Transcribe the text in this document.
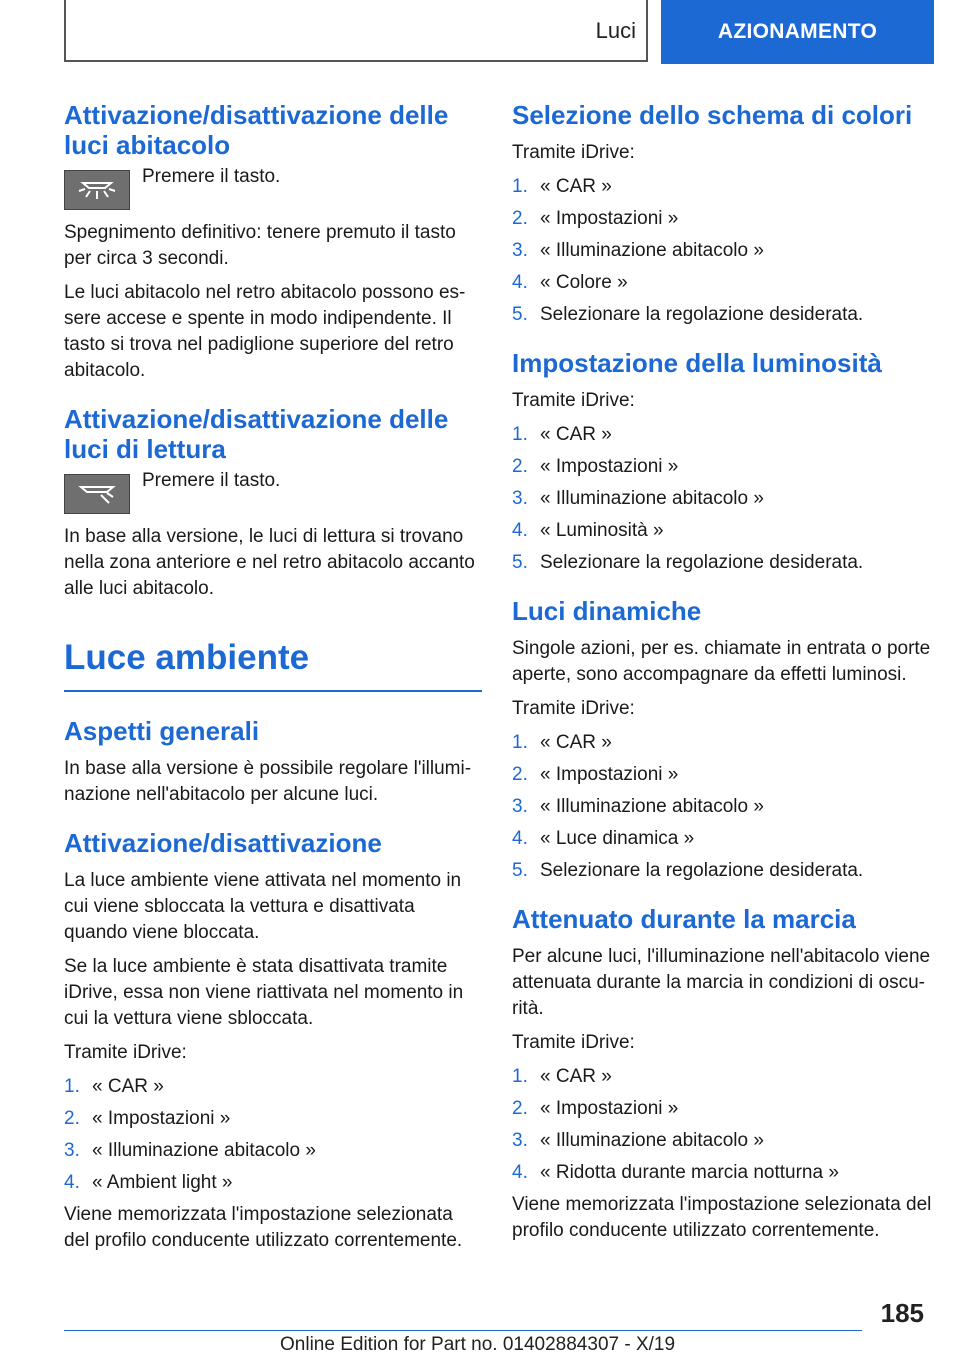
Luci	AZIONAMENTO
Attivazione/disattivazione delle luci abitacolo
Premere il tasto.

Spegnimento definitivo: tenere premuto il tasto per circa 3 secondi.

Le luci abitacolo nel retro abitacolo possono essere accese e spente in modo indipendente. Il tasto si trova nel padiglione superiore del retro abitacolo.

Attivazione/disattivazione delle luci di lettura
Premere il tasto.

In base alla versione, le luci di lettura si trovano nella zona anteriore e nel retro abitacolo accanto alle luci abitacolo.

Luce ambiente
Aspetti generali

In base alla versione è possibile regolare l'illuminazione nell'abitacolo per alcune luci.

Attivazione/disattivazione

La luce ambiente viene attivata nel momento in cui viene sbloccata la vettura e disattivata quando viene bloccata.

Se la luce ambiente è stata disattivata tramite iDrive, essa non viene riattivata nel momento in cui la vettura viene sbloccata.

Tramite iDrive:

1. « CAR »
2. « Impostazioni »
3. « Illuminazione abitacolo »
4. « Ambient light »

Viene memorizzata l'impostazione selezionata del profilo conducente utilizzato correntemente.

Selezione dello schema di colori

Tramite iDrive:

1. « CAR »
2. « Impostazioni »
3. « Illuminazione abitacolo »
4. « Colore »
5. Selezionare la regolazione desiderata.
Impostazione della luminosità

Tramite iDrive:

1. « CAR »
2. « Impostazioni »
3. « Illuminazione abitacolo »
4. « Luminosità »
5. Selezionare la regolazione desiderata.
Luci dinamiche

Singole azioni, per es. chiamate in entrata o porte aperte, sono accompagnare da effetti luminosi.

Tramite iDrive:

1. « CAR »
2. « Impostazioni »
3. « Illuminazione abitacolo »
4. « Luce dinamica »
5. Selezionare la regolazione desiderata.
Attenuato durante la marcia

Per alcune luci, l'illuminazione nell'abitacolo viene attenuata durante la marcia in condizioni di oscurità.

Tramite iDrive:

1. « CAR »
2. « Impostazioni »
3. « Illuminazione abitacolo »
4. « Ridotta durante marcia notturna »

Viene memorizzata l'impostazione selezionata del profilo conducente utilizzato correntemente.

185
Online Edition for Part no. 01402884307 - X/19
